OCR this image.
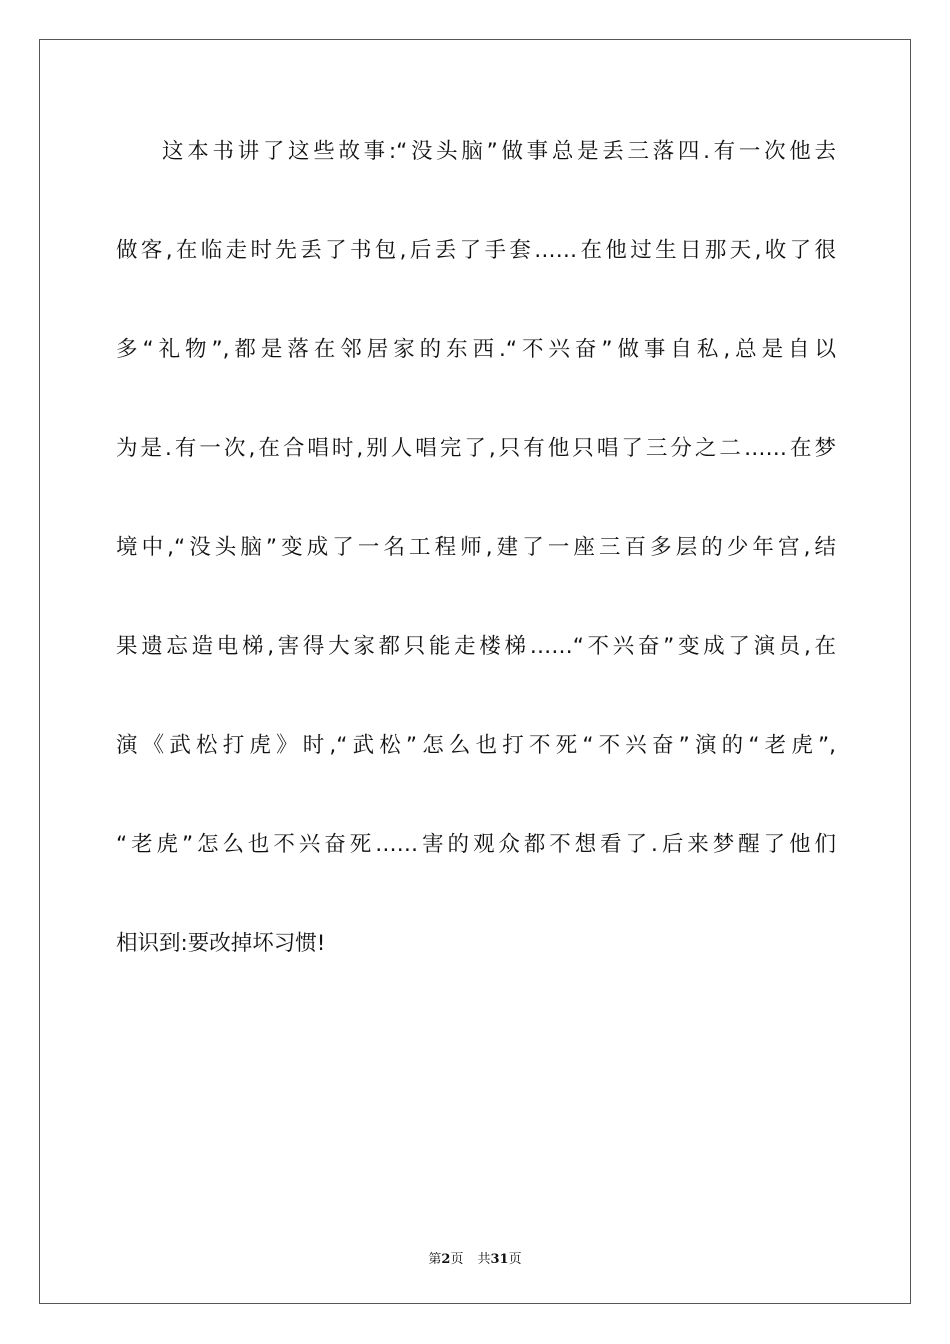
这本书讲了这些故事:“没头脑”做事总是丢三落四.有一次他去
做客,在临走时先丢了书包,后丢了手套……在他过生日那天,收了很
多“礼物”,都是落在邻居家的东西.“不兴奋”做事自私,总是自以
为是.有一次,在合唱时,别人唱完了,只有他只唱了三分之二……在梦
境中,“没头脑”变成了一名工程师,建了一座三百多层的少年宫,结
果遗忘造电梯,害得大家都只能走楼梯……“不兴奋”变成了演员,在
演《武松打虎》时,“武松”怎么也打不死“不兴奋”演的“老虎”,
“老虎”怎么也不兴奋死……害的观众都不想看了.后来梦醒了他们
相识到:要改掉坏习惯!
第2页 共31页
